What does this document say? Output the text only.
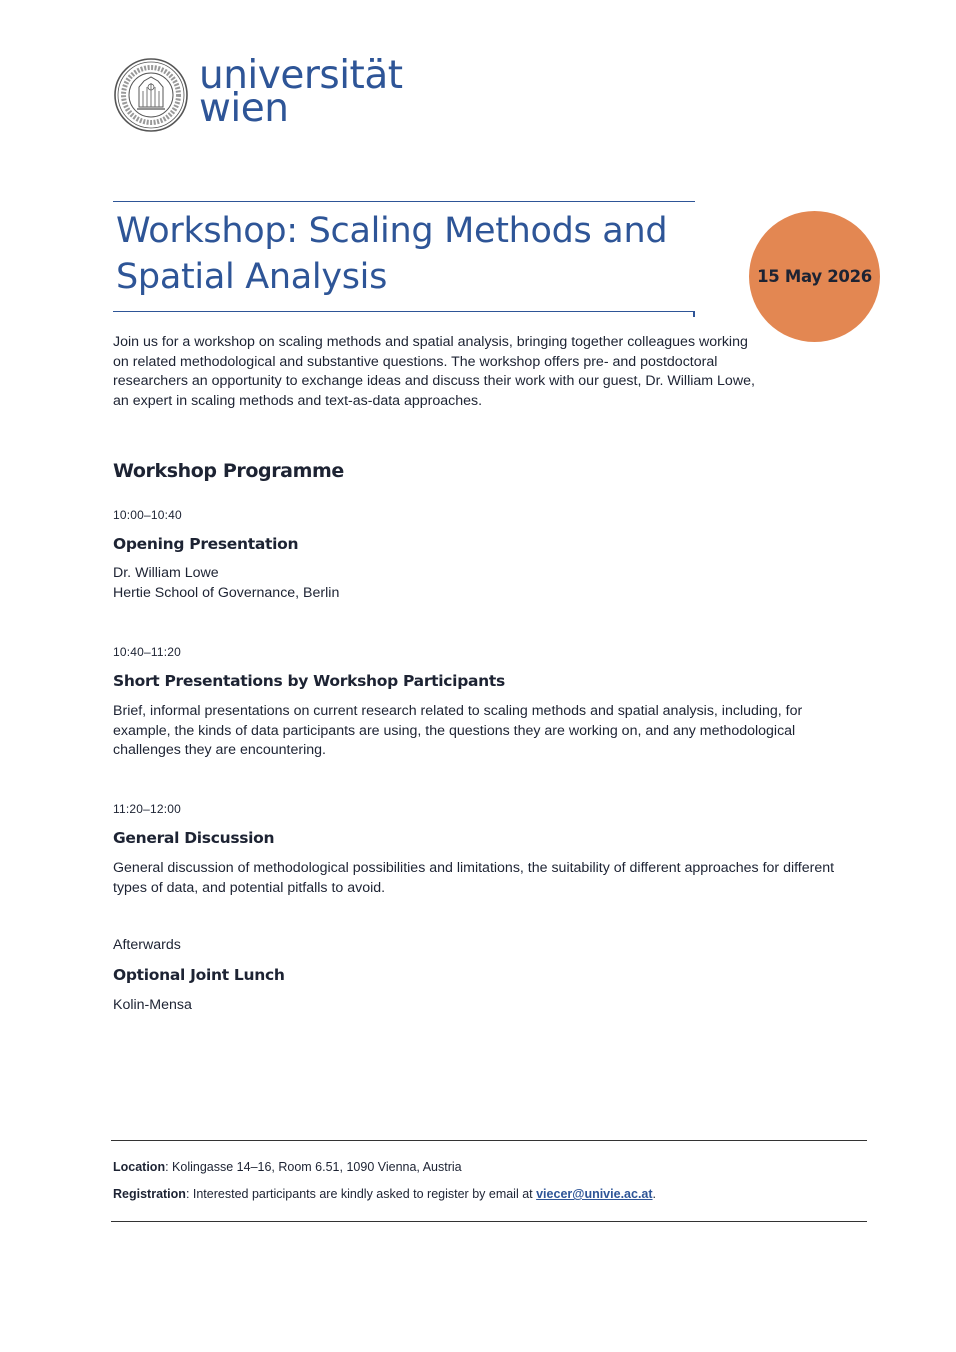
universität
wien
Workshop: Scaling Methods and Spatial Analysis	15 May 2026

Join us for a workshop on scaling methods and spatial analysis, bringing together colleagues working on related methodological and substantive questions. The workshop offers pre- and postdoctoral researchers an opportunity to exchange ideas and discuss their work with our guest, Dr. William Lowe, an expert in scaling methods and text-as-data approaches.

Workshop Programme
10:00–10:40
Opening Presentation
Dr. William Lowe
Hertie School of Governance, Berlin
10:40–11:20
Short Presentations by Workshop Participants

Brief, informal presentations on current research related to scaling methods and spatial analysis, including, for example, the kinds of data participants are using, the questions they are working on, and any methodological challenges they are encountering.

11:20–12:00
General Discussion

General discussion of methodological possibilities and limitations, the suitability of different approaches for different types of data, and potential pitfalls to avoid.

Afterwards
Optional Joint Lunch
Kolin-Mensa

Location: Kolingasse 14–16, Room 6.51, 1090 Vienna, Austria

Registration: Interested participants are kindly asked to register by email at viecer@univie.ac.at.
